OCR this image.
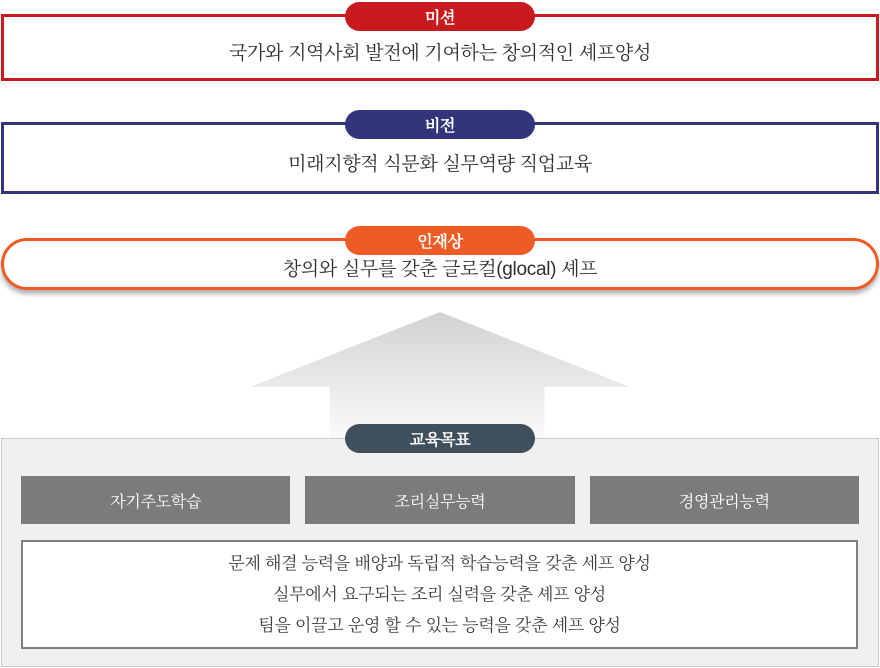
미션
국가와 지역사회 발전에 기여하는 창의적인 셰프양성
비전
미래지향적 식문화 실무역량 직업교육
인재상
창의와 실무를 갖춘 글로컬(glocal) 셰프
교육목표
자기주도학습	조리실무능력	경영관리능력
문제 해결 능력을 배양과 독립적 학습능력을 갖춘 세프 양성
실무에서 요구되는 조리 실력을 갖춘 셰프 양성
팀을 이끌고 운영 할 수 있는 능력을 갖춘 셰프 양성
